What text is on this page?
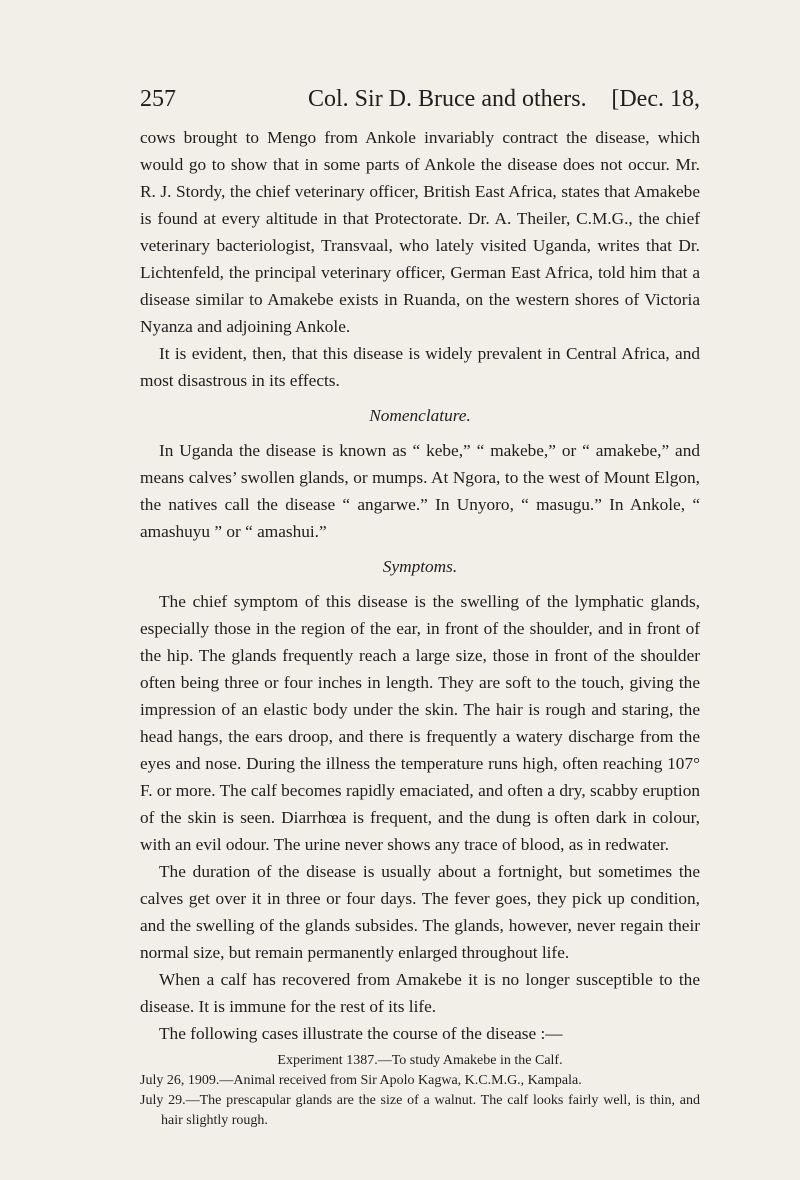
257	Col. Sir D. Bruce and others. [Dec. 18,

cows brought to Mengo from Ankole invariably contract the disease, which would go to show that in some parts of Ankole the disease does not occur. Mr. R. J. Stordy, the chief veterinary officer, British East Africa, states that Amakebe is found at every altitude in that Protectorate. Dr. A. Theiler, C.M.G., the chief veterinary bacteriologist, Transvaal, who lately visited Uganda, writes that Dr. Lichtenfeld, the principal veterinary officer, German East Africa, told him that a disease similar to Amakebe exists in Ruanda, on the western shores of Victoria Nyanza and adjoining Ankole.

It is evident, then, that this disease is widely prevalent in Central Africa, and most disastrous in its effects.

Nomenclature.

In Uganda the disease is known as “ kebe,” “ makebe,” or “ amakebe,” and means calves’ swollen glands, or mumps. At Ngora, to the west of Mount Elgon, the natives call the disease “ angarwe.” In Unyoro, “ masugu.” In Ankole, “ amashuyu ” or “ amashui.”

Symptoms.

The chief symptom of this disease is the swelling of the lymphatic glands, especially those in the region of the ear, in front of the shoulder, and in front of the hip. The glands frequently reach a large size, those in front of the shoulder often being three or four inches in length. They are soft to the touch, giving the impression of an elastic body under the skin. The hair is rough and staring, the head hangs, the ears droop, and there is frequently a watery discharge from the eyes and nose. During the illness the temperature runs high, often reaching 107° F. or more. The calf becomes rapidly emaciated, and often a dry, scabby eruption of the skin is seen. Diarrhœa is frequent, and the dung is often dark in colour, with an evil odour. The urine never shows any trace of blood, as in redwater.

The duration of the disease is usually about a fortnight, but sometimes the calves get over it in three or four days. The fever goes, they pick up condition, and the swelling of the glands subsides. The glands, however, never regain their normal size, but remain permanently enlarged throughout life.

When a calf has recovered from Amakebe it is no longer susceptible to the disease. It is immune for the rest of its life.

The following cases illustrate the course of the disease :—

Experiment 1387.—To study Amakebe in the Calf.
July 26, 1909.—Animal received from Sir Apolo Kagwa, K.C.M.G., Kampala.
July 29.—The prescapular glands are the size of a walnut. The calf looks fairly well, is thin, and hair slightly rough.
